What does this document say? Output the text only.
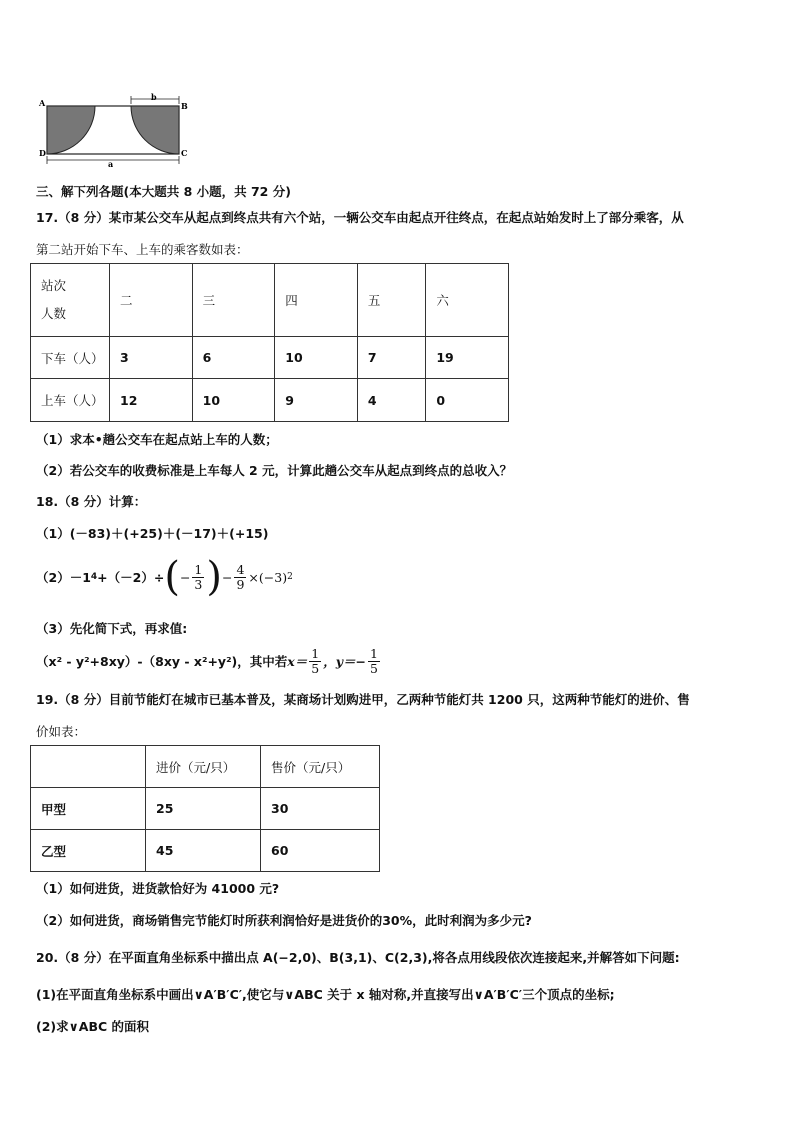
A	B
C
D
b
a
三、解下列各题(本大题共 8 小题，共 72 分)
17.（8 分）某市某公交车从起点到终点共有六个站，一辆公交车由起点开往终点，在起点站始发时上了部分乘客，从
第二站开始下车、上车的乘客数如表：
站次
人数	二	三	四	五	六
下车（人）	3	6	10	7	19
上车（人）	12	10	9	4	0
（1）求本•趟公交车在起点站上车的人数；
（2）若公交车的收费标准是上车每人 2 元，计算此趟公交车从起点到终点的总收入？
18.（8 分）计算：
（1）(－83)＋(+25)＋(－17)＋(+15)
（2）－1 4 +（－2）÷ ( − $\frac{1}{3}$ ) − $\frac{4}{9} \times(-3)$ 2
（3）先化简下式，再求值:
（x² - y²+8xy）-（8xy - x²+y²)，其中若 $x= \frac{1}{5}$ ，$y=- \frac{1}{5}$
19.（8 分）目前节能灯在城市已基本普及，某商场计划购进甲，乙两种节能灯共 1200 只，这两种节能灯的进价、售
价如表：
	进价（元/只）	售价（元/只）
甲型	25	30
乙型	45	60
（1）如何进货，进货款恰好为 41000 元?
（2）如何进货，商场销售完节能灯时所获利润恰好是进货价的30%，此时利润为多少元?
20.（8 分）在平面直角坐标系中描出点 A(−2,0)、B(3,1)、C(2,3),将各点用线段依次连接起来,并解答如下问题:
(1)在平面直角坐标系中画出∨A′B′C′,使它与∨ABC 关于 x 轴对称,并直接写出∨A′B′C′三个顶点的坐标;
(2)求∨ABC 的面积
